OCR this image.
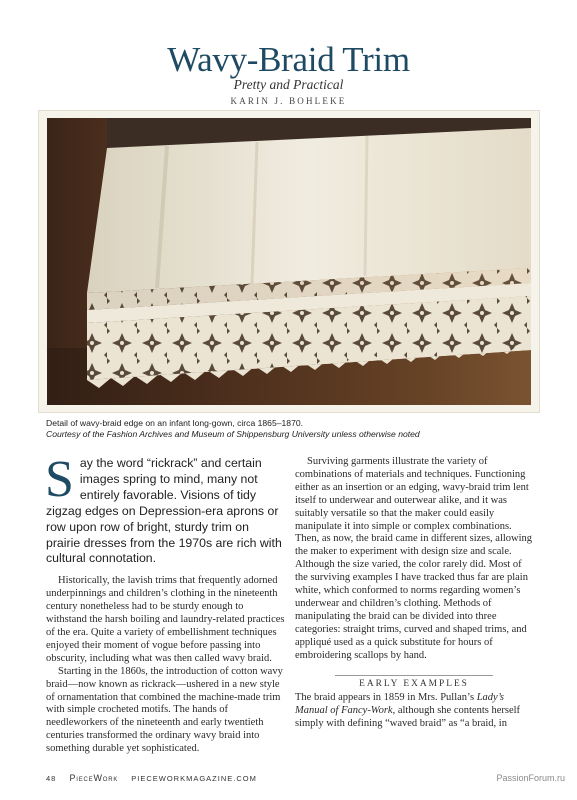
Wavy-Braid Trim
Pretty and Practical
KARIN J. BOHLEKE
Detail of wavy-braid edge on an infant long-gown, circa 1865–1870.
Courtesy of the Fashion Archives and Museum of Shippensburg University unless otherwise noted

Say the word “rickrack” and certain images spring to mind, many not entirely favorable. Visions of tidy zigzag edges on Depression-era aprons or row upon row of bright, sturdy trim on prairie dresses from the 1970s are rich with cultural connotation.

Historically, the lavish trims that frequently adorned underpinnings and children’s clothing in the nineteenth century nonetheless had to be sturdy enough to withstand the harsh boiling and laundry-related practices of the era. Quite a variety of embellishment techniques enjoyed their moment of vogue before passing into obscurity, including what was then called wavy braid.

Starting in the 1860s, the introduction of cotton wavy braid—now known as rickrack—ushered in a new style of ornamentation that combined the machine-made trim with simple crocheted motifs. The hands of needleworkers of the nineteenth and early twentieth centuries transformed the ordinary wavy braid into something durable yet sophisticated.

Surviving garments illustrate the variety of combinations of materials and techniques. Functioning either as an insertion or an edging, wavy-braid trim lent itself to underwear and outerwear alike, and it was suitably versatile so that the maker could easily manipulate it into simple or complex combinations. Then, as now, the braid came in different sizes, allowing the maker to experiment with design size and scale. Although the size varied, the color rarely did. Most of the surviving examples I have tracked thus far are plain white, which conformed to norms regarding women’s underwear and children’s clothing. Methods of manipulating the braid can be divided into three categories: straight trims, curved and shaped trims, and appliqué used as a quick substitute for hours of embroidering scallops by hand.

EARLY EXAMPLES

The braid appears in 1859 in Mrs. Pullan’s Lady’s Manual of Fancy-Work, although she contents herself simply with defining “waved braid” as “a braid, in

48 PieceWork PIECEWORKMAGAZINE.COM	PassionForum.ru
